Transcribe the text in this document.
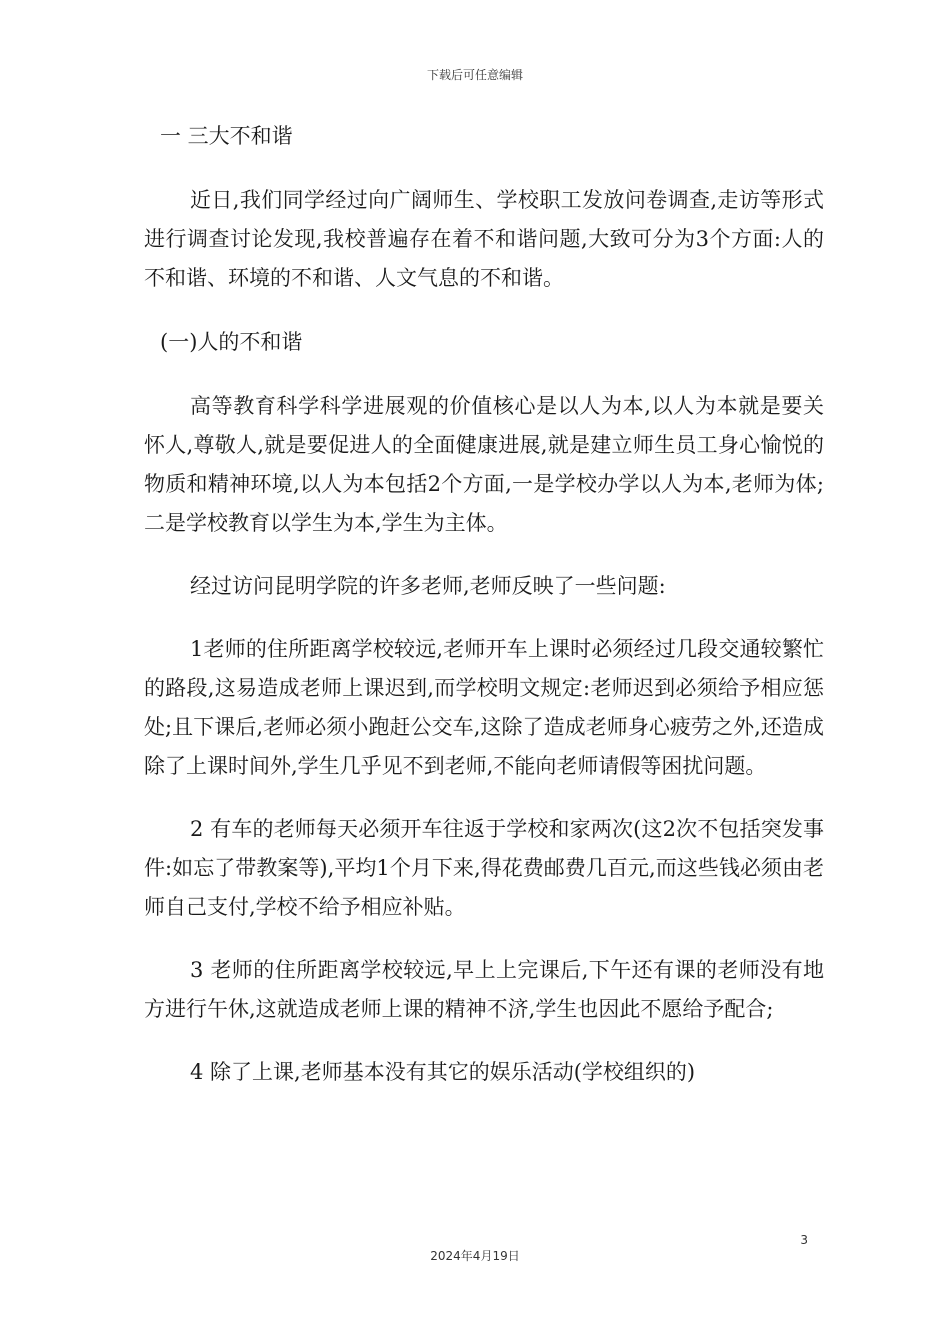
下载后可任意编辑
一 三大不和谐

近日,我们同学经过向广阔师生、学校职工发放问卷调查,走访等形式进行调查讨论发现,我校普遍存在着不和谐问题,大致可分为3个方面:人的不和谐、环境的不和谐、人文气息的不和谐。

(一)人的不和谐

高等教育科学科学进展观的价值核心是以人为本,以人为本就是要关怀人,尊敬人,就是要促进人的全面健康进展,就是建立师生员工身心愉悦的物质和精神环境,以人为本包括2个方面,一是学校办学以人为本,老师为体;二是学校教育以学生为本,学生为主体。

经过访问昆明学院的许多老师,老师反映了一些问题:

1老师的住所距离学校较远,老师开车上课时必须经过几段交通较繁忙的路段,这易造成老师上课迟到,而学校明文规定:老师迟到必须给予相应惩处;且下课后,老师必须小跑赶公交车,这除了造成老师身心疲劳之外,还造成除了上课时间外,学生几乎见不到老师,不能向老师请假等困扰问题。

2 有车的老师每天必须开车往返于学校和家两次(这2次不包括突发事件:如忘了带教案等),平均1个月下来,得花费邮费几百元,而这些钱必须由老师自己支付,学校不给予相应补贴。

3 老师的住所距离学校较远,早上上完课后,下午还有课的老师没有地方进行午休,这就造成老师上课的精神不济,学生也因此不愿给予配合;

4 除了上课,老师基本没有其它的娱乐活动(学校组织的)

3
2024年4月19日
